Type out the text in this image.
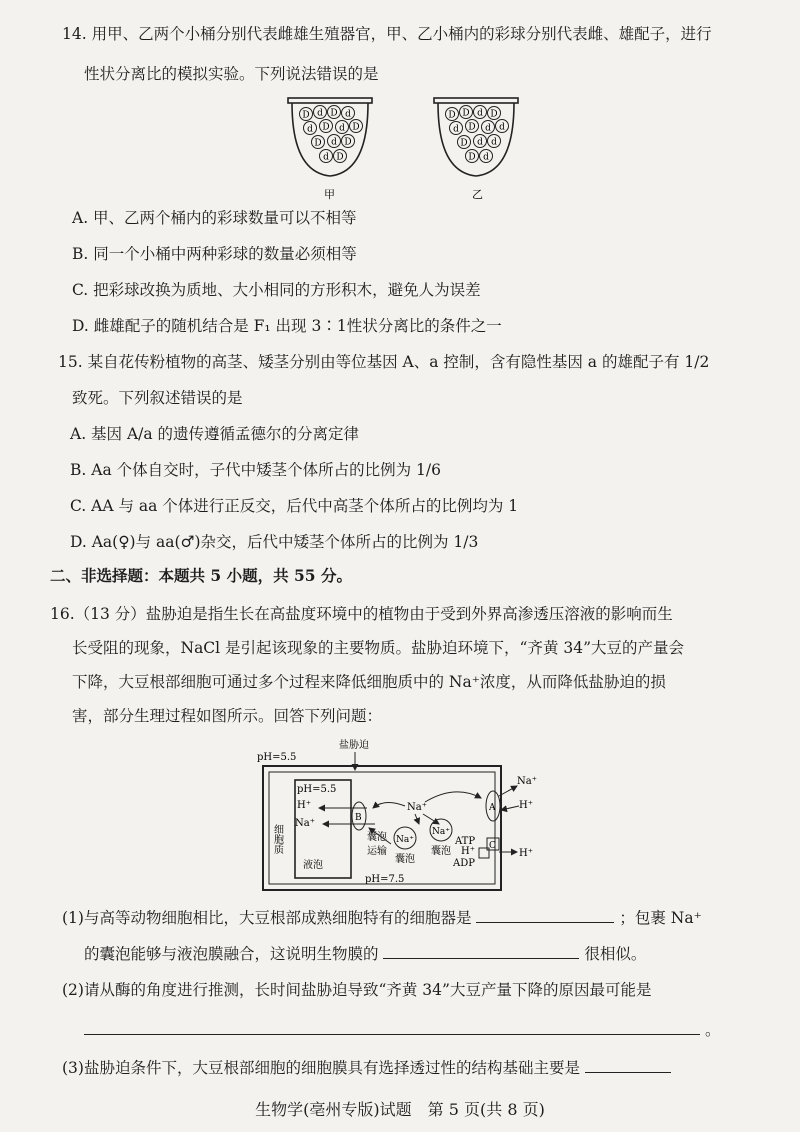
14. 用甲、乙两个小桶分别代表雌雄生殖器官，甲、乙小桶内的彩球分别代表雌、雄配子，进行
性状分离比的模拟实验。下列说法错误的是
D d D d
d D d D
D d D
d D
甲
D D d D
d D d d
D d d
D d
乙
A. 甲、乙两个桶内的彩球数量可以不相等
B. 同一个小桶中两种彩球的数量必须相等
C. 把彩球改换为质地、大小相同的方形积木，避免人为误差
D. 雌雄配子的随机结合是 F₁ 出现 3∶1性状分离比的条件之一
15. 某自花传粉植物的高茎、矮茎分别由等位基因 A、a 控制，含有隐性基因 a 的雄配子有 1/2
致死。下列叙述错误的是
A. 基因 A/a 的遗传遵循孟德尔的分离定律
B. Aa 个体自交时，子代中矮茎个体所占的比例为 1/6
C. AA 与 aa 个体进行正反交，后代中高茎个体所占的比例均为 1
D. Aa(♀)与 aa(♂)杂交，后代中矮茎个体所占的比例为 1/3
二、非选择题：本题共 5 小题，共 55 分。
16.（13 分）盐胁迫是指生长在高盐度环境中的植物由于受到外界高渗透压溶液的影响而生
长受阻的现象，NaCl 是引起该现象的主要物质。盐胁迫环境下，“齐黄 34”大豆的产量会
下降，大豆根部细胞可通过多个过程来降低细胞质中的 Na⁺浓度，从而降低盐胁迫的损
害，部分生理过程如图所示。回答下列问题：
pH=5.5
盐胁迫
pH=5.5
H⁺
Na⁺
液泡
细胞质
B
Na⁺
Na⁺
Na⁺
囊泡
运输
囊泡
囊泡
A
Na⁺
H⁺
C
ATP
H⁺
ADP
H⁺
pH=7.5
(1)与高等动物细胞相比，大豆根部成熟细胞特有的细胞器是	；包裹 Na⁺
的囊泡能够与液泡膜融合，这说明生物膜的	很相似。
(2)请从酶的角度进行推测，长时间盐胁迫导致“齐黄 34”大豆产量下降的原因最可能是
。
(3)盐胁迫条件下，大豆根部细胞的细胞膜具有选择透过性的结构基础主要是
生物学(亳州专版)试题　第 5 页(共 8 页)
